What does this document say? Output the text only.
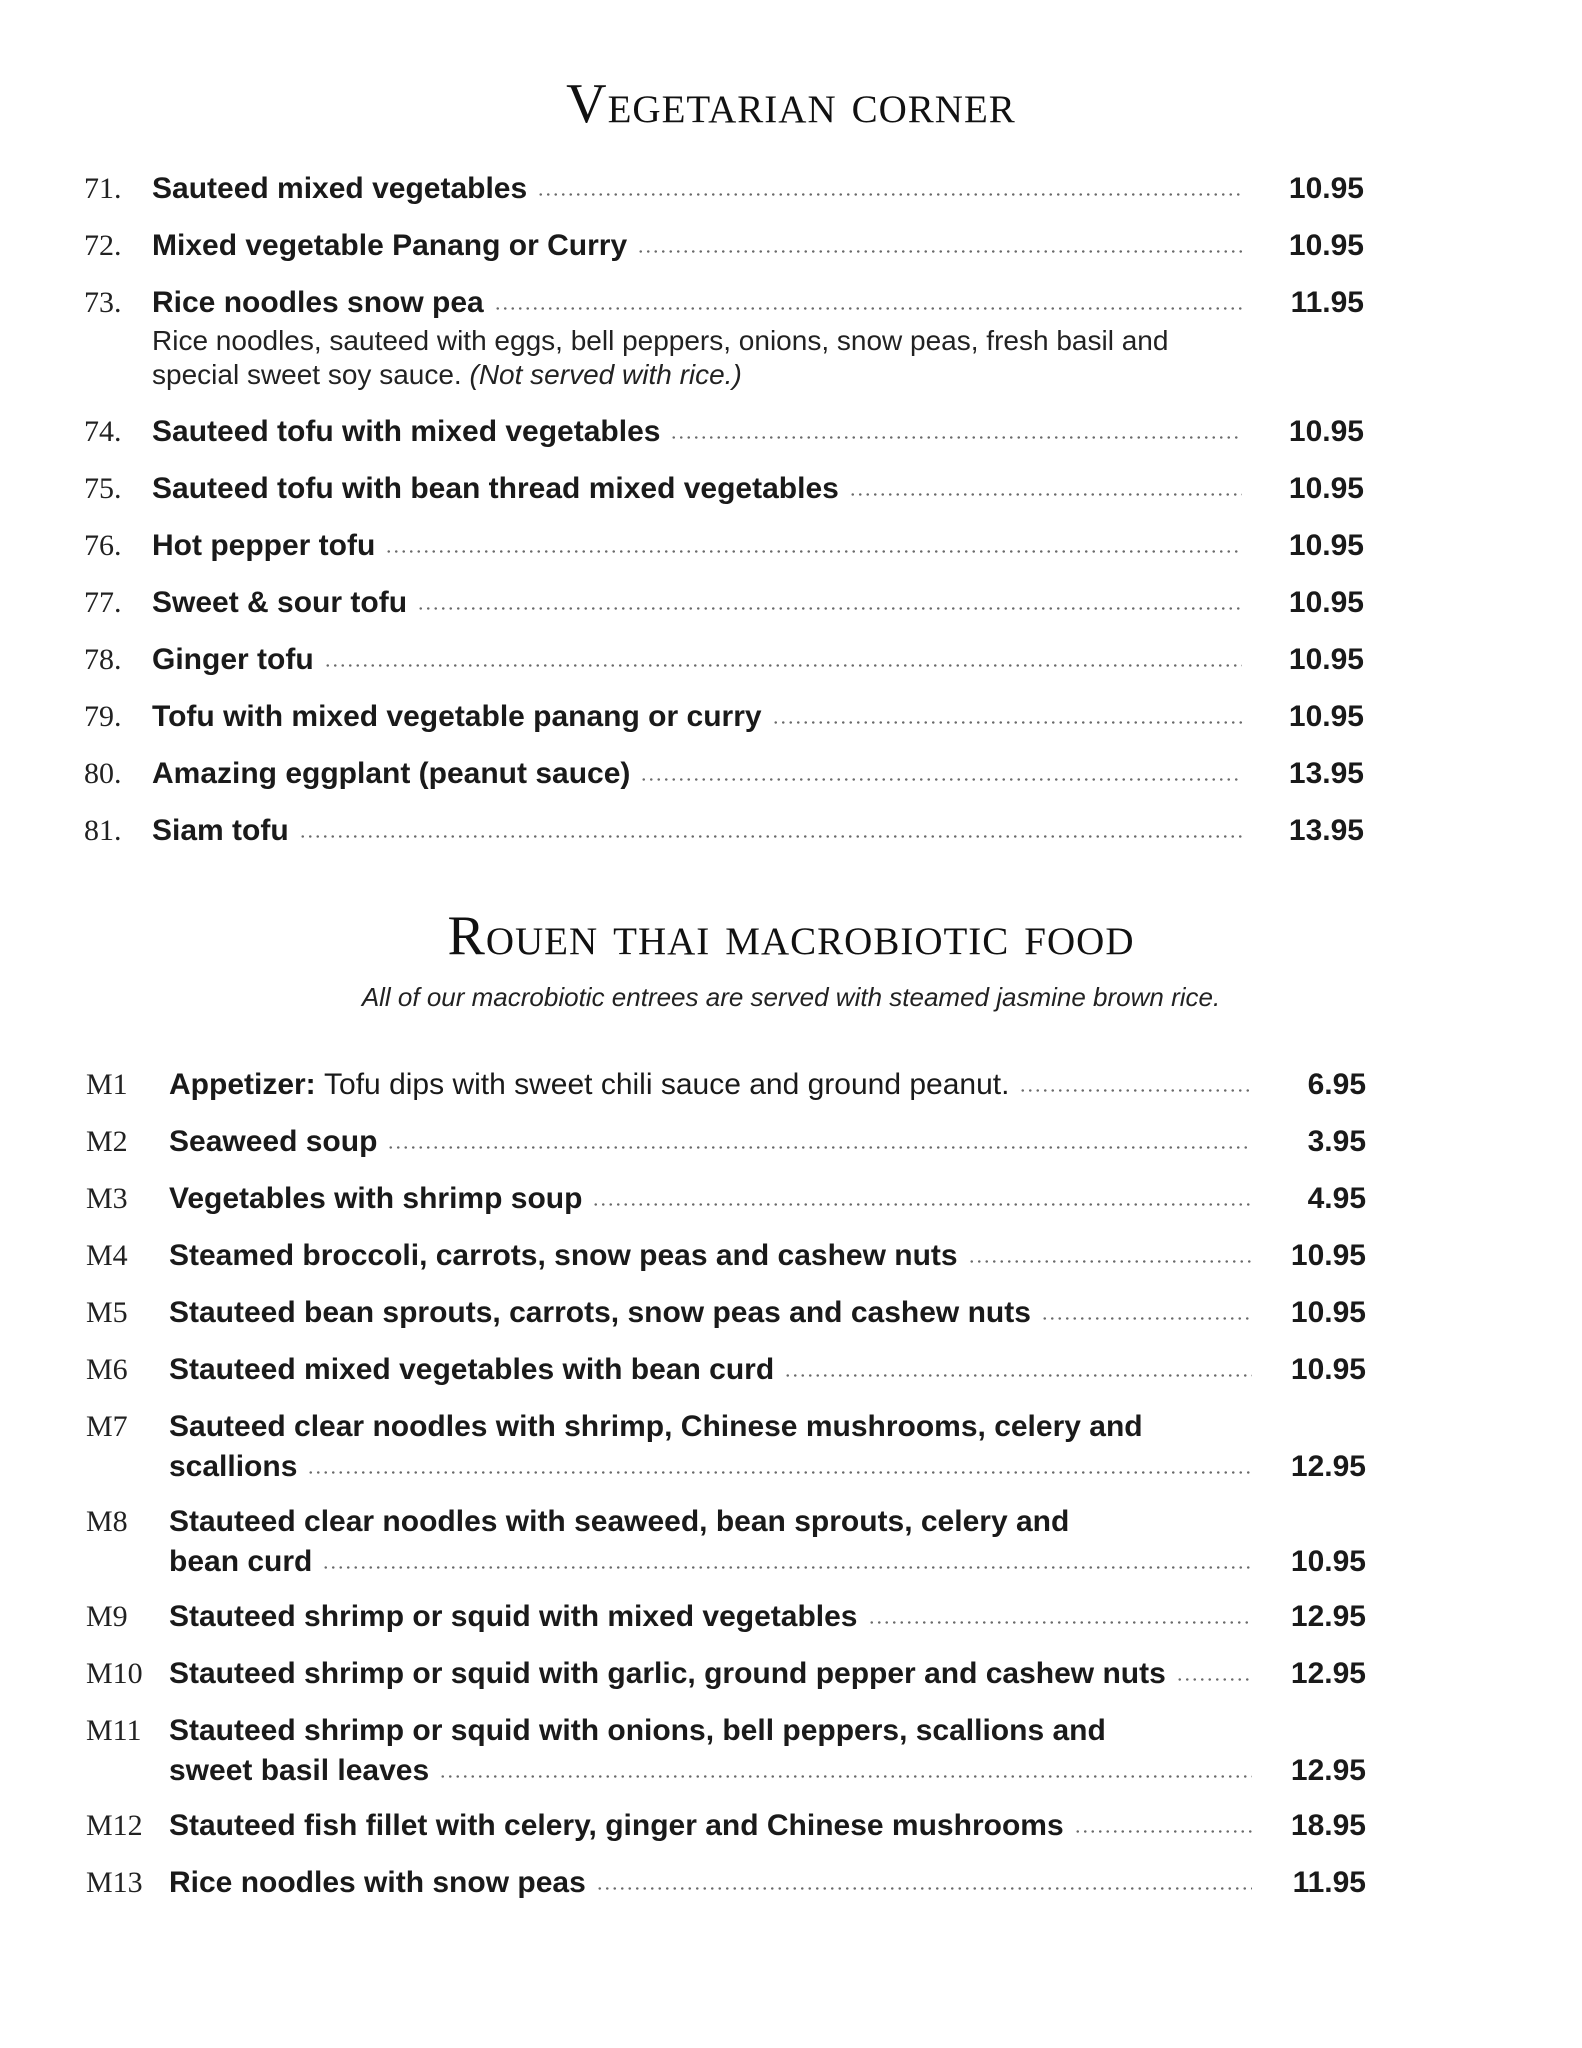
Vegetarian corner
71. Sauteed mixed vegetables	10.95
72. Mixed vegetable Panang or Curry	10.95
73. Rice noodles snow pea	11.95
Rice noodles, sauteed with eggs, bell peppers, onions, snow peas, fresh basil and
special sweet soy sauce. (Not served with rice.)
74. Sauteed tofu with mixed vegetables	10.95
75. Sauteed tofu with bean thread mixed vegetables	10.95
76. Hot pepper tofu	10.95
77. Sweet & sour tofu	10.95
78. Ginger tofu	10.95
79. Tofu with mixed vegetable panang or curry	10.95
80. Amazing eggplant (peanut sauce)	13.95
81. Siam tofu	13.95
Rouen thai macrobiotic food

All of our macrobiotic entrees are served with steamed jasmine brown rice.

M1 Appetizer: Tofu dips with sweet chili sauce and ground peanut.	6.95
M2 Seaweed soup	3.95
M3 Vegetables with shrimp soup	4.95
M4 Steamed broccoli, carrots, snow peas and cashew nuts	10.95
M5 Stauteed bean sprouts, carrots, snow peas and cashew nuts	10.95
M6 Stauteed mixed vegetables with bean curd	10.95
M7 Sauteed clear noodles with shrimp, Chinese mushrooms, celery and
scallions	12.95
M8 Stauteed clear noodles with seaweed, bean sprouts, celery and
bean curd	10.95
M9 Stauteed shrimp or squid with mixed vegetables	12.95
M10 Stauteed shrimp or squid with garlic, ground pepper and cashew nuts	12.95
M11 Stauteed shrimp or squid with onions, bell peppers, scallions and
sweet basil leaves	12.95
M12 Stauteed fish fillet with celery, ginger and Chinese mushrooms	18.95
M13 Rice noodles with snow peas	11.95
